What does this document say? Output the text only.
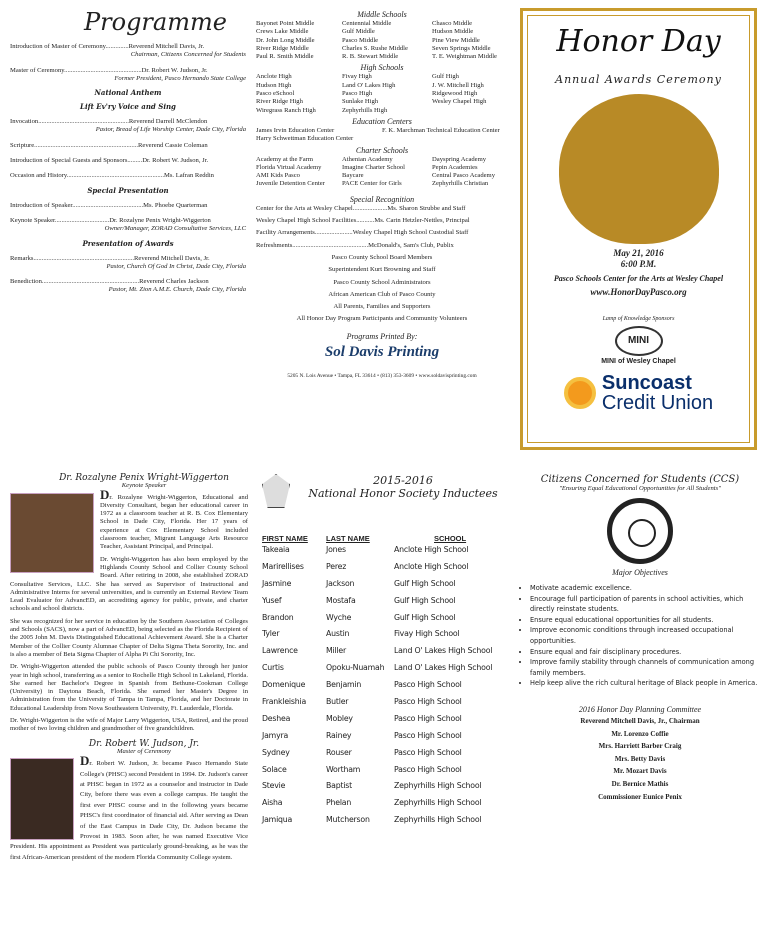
Programme
Introduction of Master of Ceremony..............Reverend Mitchell Davis, Jr.
Chairman, Citizens Concerned for Students
Master of Ceremony...............................................Dr. Robert W. Judson, Jr.
Former President, Pasco Hernando State College
National Anthem
Lift Ev'ry Voice and Sing
Invocation.......................................................Reverend Darrell McClendon
Pastor, Bread of Life Worship Center, Dade City, Florida
Scripture...............................................................Reverend Cassie Coleman
Introduction of Special Guests and Sponsors.........Dr. Robert W. Judson, Jr.
Occasion and History...........................................................Ms. Lafran Reddin
Special Presentation
Introduction of Speaker...........................................Ms. Phoebe Quarterman
Keynote Speaker.................................Dr. Rozalyne Penix Wright-Wiggerton
Owner/Manager, ZORAD Consultative Services, LLC
Presentation of Awards
Remarks.............................................................Reverend Mitchell Davis, Jr.
Pastor, Church Of God In Christ, Dade City, Florida
Benediction...........................................................Reverend Charles Jackson
Pastor, Mt. Zion A.M.E. Church, Dade City, Florida
Middle Schools
Bayonet Point Middle	Centennial Middle	Chasco Middle
Crews Lake Middle	Gulf Middle	Hudson Middle
Dr. John Long Middle	Pasco Middle	Pine View Middle
River Ridge Middle	Charles S. Rushe Middle	Seven Springs Middle
Paul R. Smith Middle	R. B. Stewart Middle	T. E. Weightman Middle
High Schools
Anclote High	Fivay High	Gulf High
Hudson High	Land O' Lakes High	J. W. Mitchell High
Pasco eSchool	Pasco High	Ridgewood High
River Ridge High	Sunlake High	Wesley Chapel High
Wiregrass Ranch High	Zephyrhills High
Education Centers
James Irvin Education Center	F. K. Marchman Technical Education Center
Harry Schwettman Education Center
Charter Schools
Academy at the Farm	Athenian Academy	Dayspring Academy
Florida Virtual Academy	Imagine Charter School	Pepin Academies
AMI Kids Pasco	Baycare	Central Pasco Academy
Juvenile Detention Center	PACE Center for Girls	Zephyrhills Christian
Special Recognition

Center for the Arts at Wesley Chapel.....................Ms. Sharon Strubbe and Staff

Wesley Chapel High School Facilities...........Ms. Carin Hetzler-Nettles, Principal

Facility Arrangements.......................Wesley Chapel High School Custodial Staff

Refreshments..............................................McDonald's, Sam's Club, Publix

Pasco County School Board Members

Superintendent Kurt Browning and Staff

Pasco County School Administrators

African American Club of Pasco County

All Parents, Families and Supporters

All Honor Day Program Participants and Community Volunteers

Programs Printed By:
Sol Davis Printing
5205 N. Lois Avenue • Tampa, FL 33614 • (813) 353-3609 • www.soldavisprinting.com
Honor Day
Annual Awards Ceremony
May 21, 2016
6:00 P.M.
Pasco Schools Center for the Arts at Wesley Chapel
www.HonorDayPasco.org
Lamp of Knowledge Sponsors
MINI
MINI of Wesley Chapel
Suncoast
Credit Union
Dr. Rozalyne Penix Wright-Wiggerton
Keynote Speaker

Dr. Rozalyne Wright-Wiggerton, Educational and Diversity Consultant, began her educational career in 1972 as a classroom teacher at R. B. Cox Elementary School in Dade City, Florida. Her 17 years of experience at Cox Elementary School included classroom teacher, Migrant Language Arts Resource Teacher, Assistant Principal, and Principal.

Dr. Wright-Wiggerton has also been employed by the Highlands County School and Collier County School Board. After retiring in 2008, she established ZORAD Consultative Services, LLC. She has served as Supervisor of Instructional and Administrative Interns for several universities, and is currently an External Review Team Lead Evaluator for AdvancED, an accrediting agency for public, private, and charter schools and school districts.

She was recognized for her service in education by the Southern Association of Colleges and Schools (SACS), now a part of AdvancED, being selected as the Florida Recipient of the 2005 John M. Davis Distinguished Educational Achievement Award. She is a Charter Member of the Collier County Alumnae Chapter of Delta Sigma Theta Sorority, Inc. and is also a member of Beta Sigma Chapter of Alpha Pi Chi Sorority, Inc.

Dr. Wright-Wiggerton attended the public schools of Pasco County through her junior year in high school, transferring as a senior to Rochelle High School in Lakeland, Florida. She earned her Bachelor's Degree in Spanish from Bethune-Cookman College (University) in Daytona Beach, Florida. She earned her Master's Degree in Administration from the University of Tampa in Tampa, Florida, and her Doctorate in Educational Leadership from Nova Southeastern University, Ft. Lauderdale, Florida.

Dr. Wright-Wiggerton is the wife of Major Larry Wiggerton, USA, Retired, and the proud mother of two loving children and grandmother of five grandchildren.

Dr. Robert W. Judson, Jr.
Master of Ceremony

Dr. Robert W. Judson, Jr. became Pasco Hernando State College's (PHSC) second President in 1994. Dr. Judson's career at PHSC began in 1972 as a counselor and instructor in Dade City, before there was even a college campus. He taught the first ever PHSC course and in the following years became PHSC's first coordinator of financial aid. After serving as Dean of the East Campus in Dade City, Dr. Judson became the Provost in 1983. Soon after, he was named Executive Vice President. His appointment as President was particularly ground-breaking, as he was the first African-American president of the modern Florida Community College system.

2015-2016
National Honor Society Inductees
FIRST NAME	LAST NAME	SCHOOL
Takeaia	Jones	Anclote High School
Marirellises	Perez	Anclote High School
Jasmine	Jackson	Gulf High School
Yusef	Mostafa	Gulf High School
Brandon	Wyche	Gulf High School
Tyler	Austin	Fivay High School
Lawrence	Miller	Land O' Lakes High School
Curtis	Opoku-Nuamah	Land O' Lakes High School
Domenique	Benjamin	Pasco High School
Frankleishia	Butler	Pasco High School
Deshea	Mobley	Pasco High School
Jamyra	Rainey	Pasco High School
Sydney	Rouser	Pasco High School
Solace	Wortham	Pasco High School
Stevie	Baptist	Zephyrhills High School
Aisha	Phelan	Zephyrhills High School
Jamiqua	Mutcherson	Zephyrhills High School
Citizens Concerned for Students (CCS)
"Ensuring Equal Educational Opportunities for All Students"
Major Objectives
• Motivate academic excellence.
• Encourage full participation of parents in school activities, which directly reinstate students.
• Ensure equal educational opportunities for all students.
• Improve economic conditions through increased occupational opportunities.
• Ensure equal and fair disciplinary procedures.
• Improve family stability through channels of communication among family members.
• Help keep alive the rich cultural heritage of Black people in America.
2016 Honor Day Planning Committee
Reverend Mitchell Davis, Jr., Chairman
Mr. Lorenzo Coffie
Mrs. Harriett Barber Craig
Mrs. Betty Davis
Mr. Mozart Davis
Dr. Bernice Mathis
Commissioner Eunice Penix
